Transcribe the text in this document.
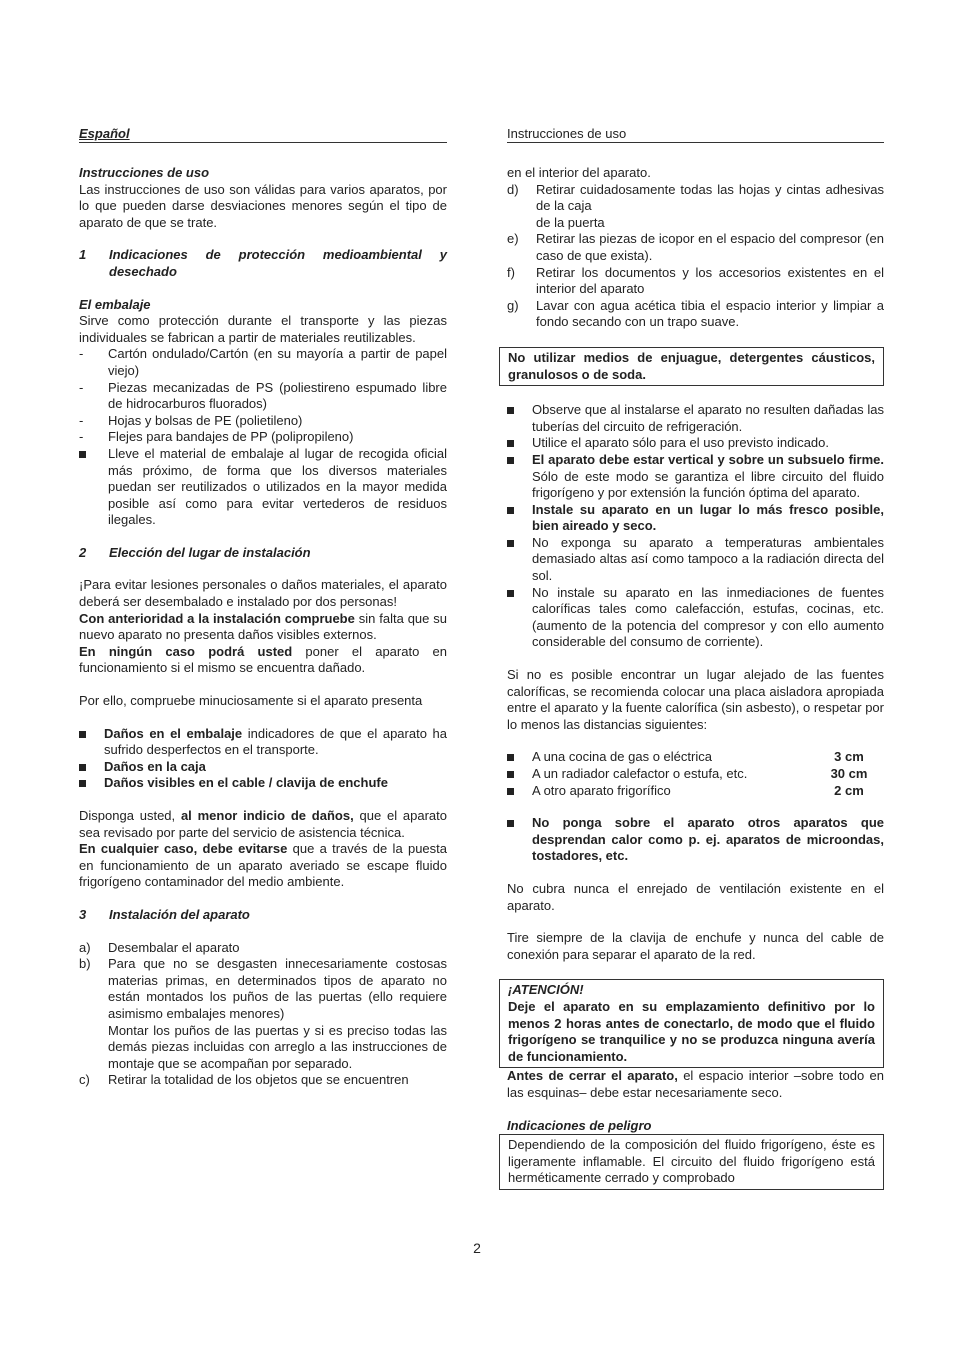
Español
Instrucciones de uso

Las instrucciones de uso son válidas para varios aparatos, por lo que pueden darse desviaciones menores según el tipo de aparato de que se trate.

1	Indicaciones de protección medioambiental y desechado
El embalaje

Sirve como protección durante el transporte y las piezas individuales se fabrican a partir de materiales reutilizables.

-	Cartón ondulado/Cartón (en su mayoría a partir de papel viejo)
-	Piezas mecanizadas de PS (poliestireno espumado libre de hidrocarburos fluorados)
-	Hojas y bolsas de PE (polietileno)
-	Flejes para bandajes de PP (polipropileno)
Lleve el material de embalaje al lugar de recogida oficial más próximo, de forma que los diversos materiales puedan ser reutilizados o utilizados en la mayor medida posible así como para evitar vertederos de residuos ilegales.
2	Elección del lugar de instalación

¡Para evitar lesiones personales o daños materiales, el aparato deberá ser desembalado e instalado por dos personas!

Con anterioridad a la instalación compruebe sin falta que su nuevo aparato no presenta daños visibles externos.

En ningún caso podrá usted poner el aparato en funcionamiento si el mismo se encuentra dañado.

Por ello, compruebe minuciosamente si el aparato presenta

Daños en el embalaje indicadores de que el aparato ha sufrido desperfectos en el transporte.
Daños en la caja
Daños visibles en el cable / clavija de enchufe

Disponga usted, al menor indicio de daños, que el aparato sea revisado por parte del servicio de asistencia técnica.

En cualquier caso, debe evitarse que a través de la puesta en funcionamiento de un aparato averiado se escape fluido frigorígeno contaminador del medio ambiente.

3	Instalación del aparato
a)	Desembalar el aparato
b)	Para que no se desgasten innecesariamente costosas materias primas, en determinados tipos de aparato no están montados los puños de las puertas (ello requiere asimismo embalajes menores)
Montar los puños de las puertas y si es preciso todas las demás piezas incluidas con arreglo a las instrucciones de montaje que se acompañan por separado.
c)	Retirar la totalidad de los objetos que se encuentren
Instrucciones de uso

en el interior del aparato.

d)	Retirar cuidadosamente todas las hojas y cintas adhesivas de la caja
de la puerta
e)	Retirar las piezas de icopor en el espacio del compresor (en caso de que exista).
f)	Retirar los documentos y los accesorios existentes en el interior del aparato
g)	Lavar con agua acética tibia el espacio interior y limpiar a fondo secando con un trapo suave.

No utilizar medios de enjuague, detergentes cáusticos, granulosos o de soda.

Observe que al instalarse el aparato no resulten dañadas las tuberías del circuito de refrigeración.
Utilice el aparato sólo para el uso previsto indicado.
El aparato debe estar vertical y sobre un subsuelo firme. Sólo de este modo se garantiza el libre circuito del fluido frigorígeno y por extensión la función óptima del aparato.
Instale su aparato en un lugar lo más fresco posible, bien aireado y seco.
No exponga su aparato a temperaturas ambientales demasiado altas así como tampoco a la radiación directa del sol.
No instale su aparato en las inmediaciones de fuentes caloríficas tales como calefacción, estufas, cocinas, etc. (aumento de la potencia del compresor y con ello aumento considerable del consumo de corriente).

Si no es posible encontrar un lugar alejado de las fuentes caloríficas, se recomienda colocar una placa aisladora apropiada entre el aparato y la fuente calorífica (sin asbesto), o respetar por lo menos las distancias siguientes:

A una cocina de gas o eléctrica	3 cm
A un radiador calefactor o estufa, etc.	30 cm
A otro aparato frigorífico	2 cm
No ponga sobre el aparato otros aparatos que desprendan calor como p. ej. aparatos de microondas, tostadores, etc.

No cubra nunca el enrejado de ventilación existente en el aparato.

Tire siempre de la clavija de enchufe y nunca del cable de conexión para separar el aparato de la red.

¡ATENCIÓN!

Deje el aparato en su emplazamiento definitivo por lo menos 2 horas antes de conectarlo, de modo que el fluido frigorígeno se tranquilice y no se produzca ninguna avería de funcionamiento.

Antes de cerrar el aparato, el espacio interior –sobre todo en las esquinas– debe estar necesariamente seco.

Indicaciones de peligro

Dependiendo de la composición del fluido frigorígeno, éste es ligeramente inflamable. El circuito del fluido frigorígeno está herméticamente cerrado y comprobado

2
